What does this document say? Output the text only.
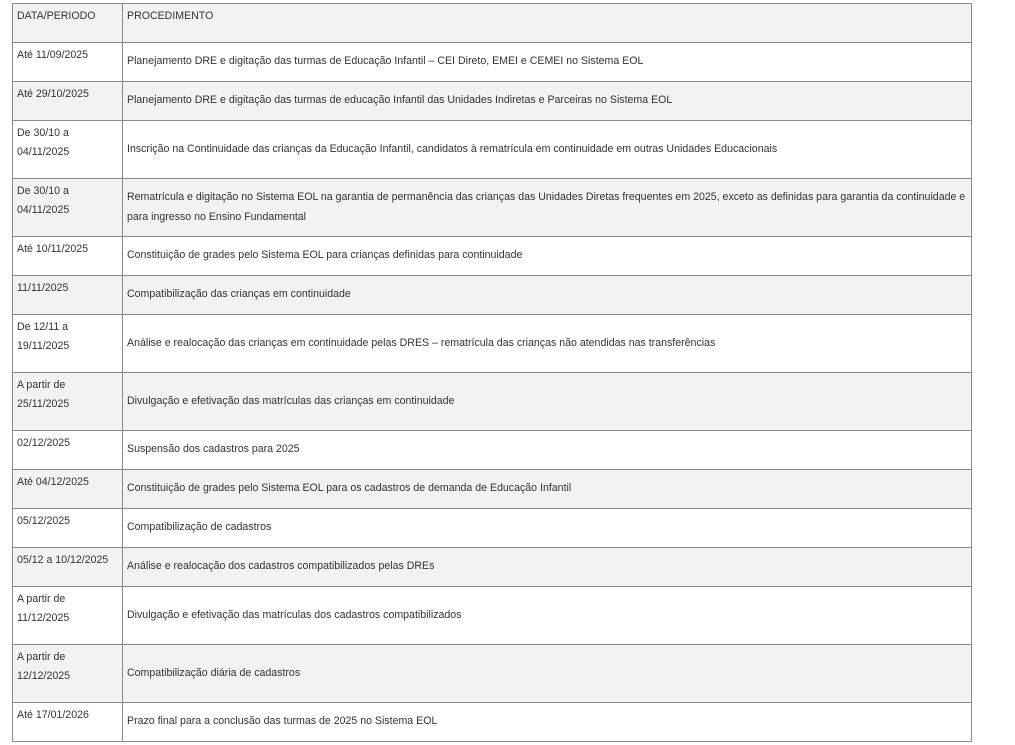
DATA/PERIODO	PROCEDIMENTO
Até 11/09/2025	Planejamento DRE e digitação das turmas de Educação Infantil – CEI Direto, EMEI e CEMEI no Sistema EOL
Até 29/10/2025	Planejamento DRE e digitação das turmas de educação Infantil das Unidades Indiretas e Parceiras no Sistema EOL
De 30/10 a 04/11/2025	Inscrição na Continuidade das crianças da Educação Infantil, candidatos à rematrícula em continuidade em outras Unidades Educacionais
De 30/10 a 04/11/2025	Rematrícula e digitação no Sistema EOL na garantia de permanência das crianças das Unidades Diretas frequentes em 2025, exceto as definidas para garantia da continuidade e para ingresso no Ensino Fundamental
Até 10/11/2025	Constituição de grades pelo Sistema EOL para crianças definidas para continuidade
11/11/2025	Compatibilização das crianças em continuidade
De 12/11 a 19/11/2025	Análise e realocação das crianças em continuidade pelas DRES – rematrícula das crianças não atendidas nas transferências
A partir de 25/11/2025	Divulgação e efetivação das matrículas das crianças em continuidade
02/12/2025	Suspensão dos cadastros para 2025
Até 04/12/2025	Constituição de grades pelo Sistema EOL para os cadastros de demanda de Educação Infantil
05/12/2025	Compatibilização de cadastros
05/12 a 10/12/2025	Análise e realocação dos cadastros compatibilizados pelas DREs
A partir de 11/12/2025	Divulgação e efetivação das matrículas dos cadastros compatibilizados
A partir de 12/12/2025	Compatibilização diária de cadastros
Até 17/01/2026	Prazo final para a conclusão das turmas de 2025 no Sistema EOL
